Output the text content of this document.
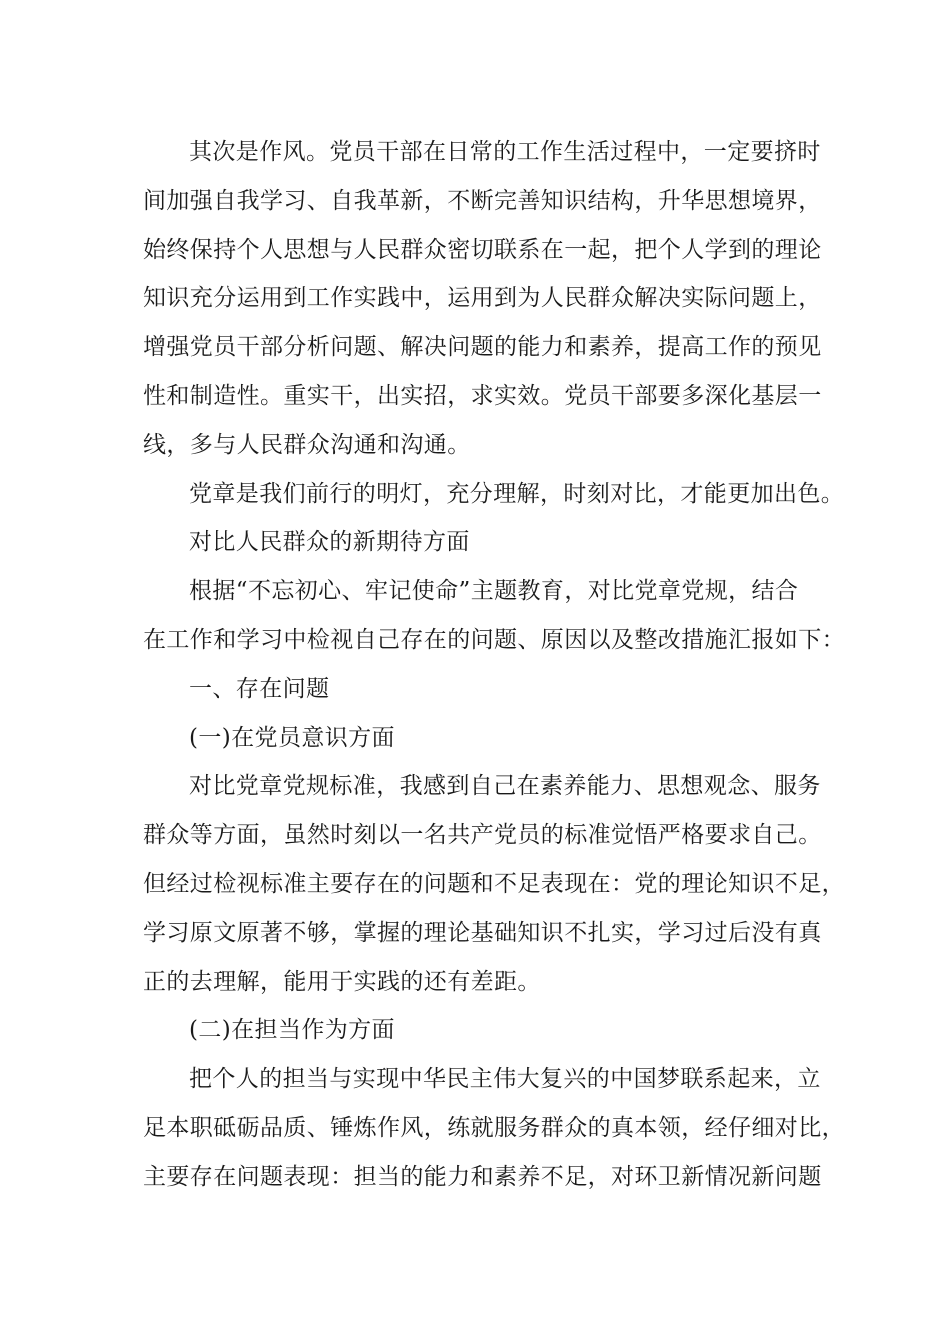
其次是作风。党员干部在日常的工作生活过程中，一定要挤时
间加强自我学习、自我革新，不断完善知识结构，升华思想境界，
始终保持个人思想与人民群众密切联系在一起，把个人学到的理论
知识充分运用到工作实践中，运用到为人民群众解决实际问题上，
增强党员干部分析问题、解决问题的能力和素养，提高工作的预见
性和制造性。重实干，出实招，求实效。党员干部要多深化基层一
线，多与人民群众沟通和沟通。
党章是我们前行的明灯，充分理解，时刻对比，才能更加出色。
对比人民群众的新期待方面
根据“不忘初心、牢记使命”主题教育，对比党章党规，结合
在工作和学习中检视自己存在的问题、原因以及整改措施汇报如下：
一、存在问题
(一)在党员意识方面
对比党章党规标准，我感到自己在素养能力、思想观念、服务
群众等方面，虽然时刻以一名共产党员的标准觉悟严格要求自己。
但经过检视标准主要存在的问题和不足表现在：党的理论知识不足，
学习原文原著不够，掌握的理论基础知识不扎实，学习过后没有真
正的去理解，能用于实践的还有差距。
(二)在担当作为方面
把个人的担当与实现中华民主伟大复兴的中国梦联系起来，立
足本职砥砺品质、锤炼作风，练就服务群众的真本领，经仔细对比，
主要存在问题表现：担当的能力和素养不足，对环卫新情况新问题
